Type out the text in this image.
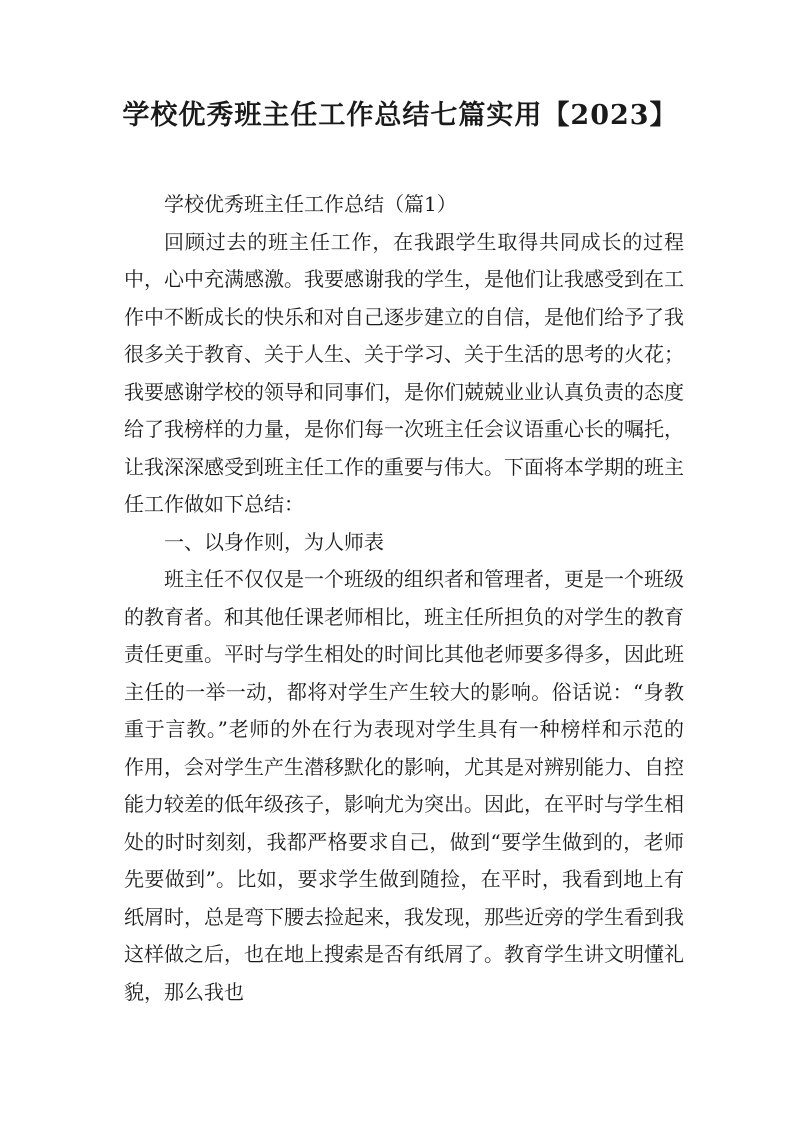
学校优秀班主任工作总结七篇实用【2023】

学校优秀班主任工作总结（篇1）

回顾过去的班主任工作，在我跟学生取得共同成长的过程中，心中充满感激。我要感谢我的学生，是他们让我感受到在工作中不断成长的快乐和对自己逐步建立的自信，是他们给予了我很多关于教育、关于人生、关于学习、关于生活的思考的火花；我要感谢学校的领导和同事们，是你们兢兢业业认真负责的态度给了我榜样的力量，是你们每一次班主任会议语重心长的嘱托，让我深深感受到班主任工作的重要与伟大。下面将本学期的班主任工作做如下总结：

一、以身作则，为人师表

班主任不仅仅是一个班级的组织者和管理者，更是一个班级的教育者。和其他任课老师相比，班主任所担负的对学生的教育责任更重。平时与学生相处的时间比其他老师要多得多，因此班主任的一举一动，都将对学生产生较大的影响。俗话说：“身教重于言教。”老师的外在行为表现对学生具有一种榜样和示范的作用，会对学生产生潜移默化的影响，尤其是对辨别能力、自控能力较差的低年级孩子，影响尤为突出。因此，在平时与学生相处的时时刻刻，我都严格要求自己，做到“要学生做到的，老师先要做到”。比如，要求学生做到随捡，在平时，我看到地上有纸屑时，总是弯下腰去捡起来，我发现，那些近旁的学生看到我这样做之后，也在地上搜索是否有纸屑了。教育学生讲文明懂礼貌，那么我也
